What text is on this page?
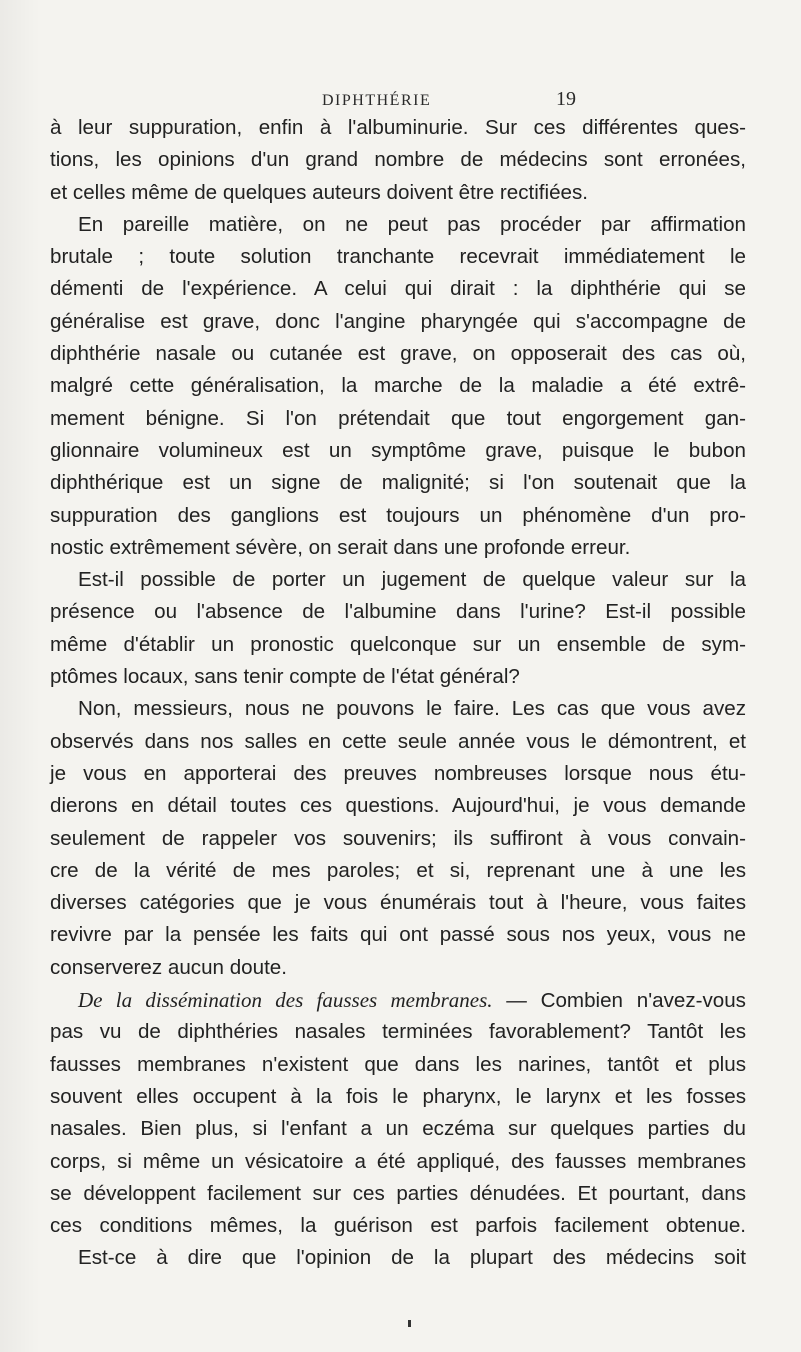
DIPHTHÉRIE	19
à leur suppuration, enfin à l'albuminurie. Sur ces différentes ques-
tions, les opinions d'un grand nombre de médecins sont erronées,
et celles même de quelques auteurs doivent être rectifiées.
En pareille matière, on ne peut pas procéder par affirmation
brutale ; toute solution tranchante recevrait immédiatement le
démenti de l'expérience. A celui qui dirait : la diphthérie qui se
généralise est grave, donc l'angine pharyngée qui s'accompagne de
diphthérie nasale ou cutanée est grave, on opposerait des cas où,
malgré cette généralisation, la marche de la maladie a été extrê-
mement bénigne. Si l'on prétendait que tout engorgement gan-
glionnaire volumineux est un symptôme grave, puisque le bubon
diphthérique est un signe de malignité; si l'on soutenait que la
suppuration des ganglions est toujours un phénomène d'un pro-
nostic extrêmement sévère, on serait dans une profonde erreur.
Est-il possible de porter un jugement de quelque valeur sur la
présence ou l'absence de l'albumine dans l'urine? Est-il possible
même d'établir un pronostic quelconque sur un ensemble de sym-
ptômes locaux, sans tenir compte de l'état général?
Non, messieurs, nous ne pouvons le faire. Les cas que vous avez
observés dans nos salles en cette seule année vous le démontrent, et
je vous en apporterai des preuves nombreuses lorsque nous étu-
dierons en détail toutes ces questions. Aujourd'hui, je vous demande
seulement de rappeler vos souvenirs; ils suffiront à vous convain-
cre de la vérité de mes paroles; et si, reprenant une à une les
diverses catégories que je vous énumérais tout à l'heure, vous faites
revivre par la pensée les faits qui ont passé sous nos yeux, vous ne
conserverez aucun doute.
De la dissémination des fausses membranes. — Combien n'avez-vous
pas vu de diphthéries nasales terminées favorablement? Tantôt les
fausses membranes n'existent que dans les narines, tantôt et plus
souvent elles occupent à la fois le pharynx, le larynx et les fosses
nasales. Bien plus, si l'enfant a un eczéma sur quelques parties du
corps, si même un vésicatoire a été appliqué, des fausses membranes
se développent facilement sur ces parties dénudées. Et pourtant, dans
ces conditions mêmes, la guérison est parfois facilement obtenue.
Est-ce à dire que l'opinion de la plupart des médecins soit
